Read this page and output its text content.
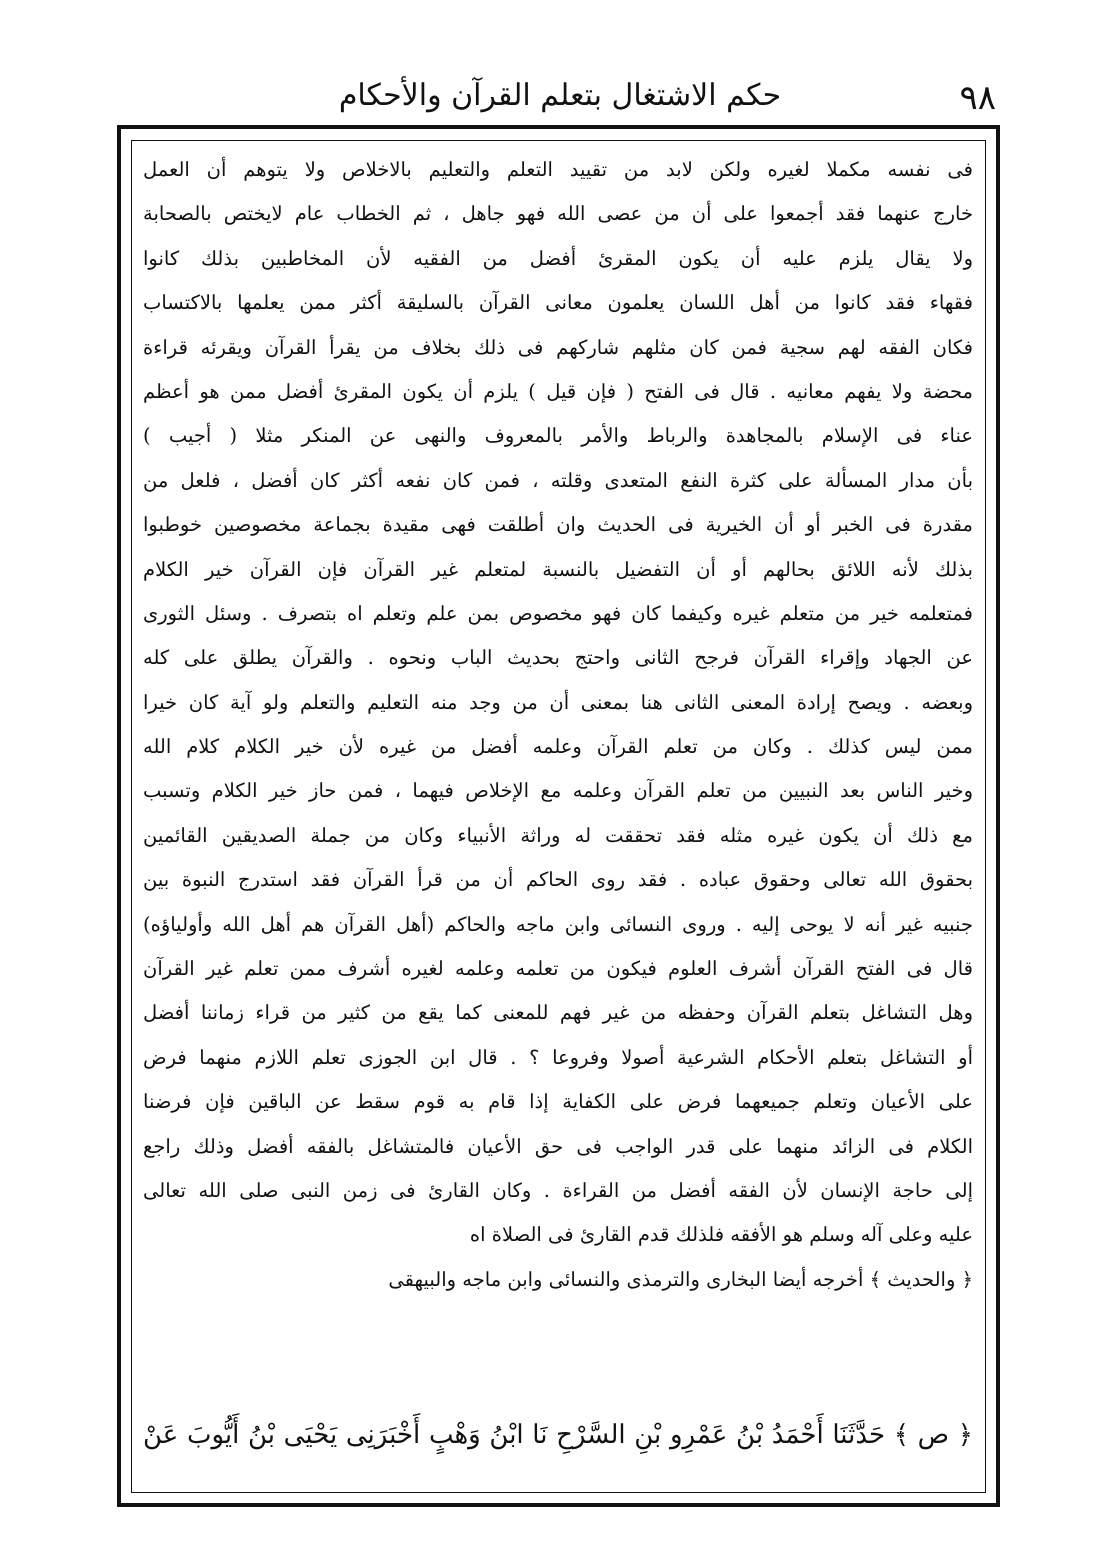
٩٨
حكم الاشتغال بتعلم القرآن والأحكام
فى نفسه مكملا لغيره ولكن لابد من تقييد التعلم والتعليم بالاخلاص ولا يتوهم أن العمل
خارج عنهما فقد أجمعوا على أن من عصى الله فهو جاهل ، ثم الخطاب عام لايختص بالصحابة
ولا يقال يلزم عليه أن يكون المقرئ أفضل من الفقيه لأن المخاطبين بذلك كانوا
فقهاء فقد كانوا من أهل اللسان يعلمون معانى القرآن بالسليقة أكثر ممن يعلمها بالاكتساب
فكان الفقه لهم سجية فمن كان مثلهم شاركهم فى ذلك بخلاف من يقرأ القرآن ويقرئه قراءة
محضة ولا يفهم معانيه . قال فى الفتح ( فإن قيل ) يلزم أن يكون المقرئ أفضل ممن هو أعظم
عناء فى الإسلام بالمجاهدة والرباط والأمر بالمعروف والنهى عن المنكر مثلا ( أجيب )
بأن مدار المسألة على كثرة النفع المتعدى وقلته ، فمن كان نفعه أكثر كان أفضل ، فلعل من
مقدرة فى الخبر أو أن الخيرية فى الحديث وان أطلقت فهى مقيدة بجماعة مخصوصين خوطبوا
بذلك لأنه اللائق بحالهم أو أن التفضيل بالنسبة لمتعلم غير القرآن فإن القرآن خير الكلام
فمتعلمه خير من متعلم غيره وكيفما كان فهو مخصوص بمن علم وتعلم اه بتصرف . وسئل الثورى
عن الجهاد وإقراء القرآن فرجح الثانى واحتج بحديث الباب ونحوه . والقرآن يطلق على كله
وبعضه . ويصح إرادة المعنى الثانى هنا بمعنى أن من وجد منه التعليم والتعلم ولو آية كان خيرا
ممن ليس كذلك . وكان من تعلم القرآن وعلمه أفضل من غيره لأن خير الكلام كلام الله
وخير الناس بعد النبيين من تعلم القرآن وعلمه مع الإخلاص فيهما ، فمن حاز خير الكلام وتسبب
مع ذلك أن يكون غيره مثله فقد تحققت له وراثة الأنبياء وكان من جملة الصديقين القائمين
بحقوق الله تعالى وحقوق عباده . فقد روى الحاكم أن من قرأ القرآن فقد استدرج النبوة بين
جنبيه غير أنه لا يوحى إليه . وروى النسائى وابن ماجه والحاكم (أهل القرآن هم أهل الله وأولياؤه)
قال فى الفتح القرآن أشرف العلوم فيكون من تعلمه وعلمه لغيره أشرف ممن تعلم غير القرآن
وهل التشاغل بتعلم القرآن وحفظه من غير فهم للمعنى كما يقع من كثير من قراء زماننا أفضل
أو التشاغل بتعلم الأحكام الشرعية أصولا وفروعا ؟ . قال ابن الجوزى تعلم اللازم منهما فرض
على الأعيان وتعلم جميعهما فرض على الكفاية إذا قام به قوم سقط عن الباقين فإن فرضنا
الكلام فى الزائد منهما على قدر الواجب فى حق الأعيان فالمتشاغل بالفقه أفضل وذلك راجع
إلى حاجة الإنسان لأن الفقه أفضل من القراءة . وكان القارئ فى زمن النبى صلى الله تعالى
عليه وعلى آله وسلم هو الأفقه فلذلك قدم القارئ فى الصلاة اه
﴿ والحديث ﴾ أخرجه أيضا البخارى والترمذى والنسائى وابن ماجه والبيهقى
﴿ ص ﴾ حَدَّثَنَا أَحْمَدُ بْنُ عَمْرِو بْنِ السَّرْحِ نَا ابْنُ وَهْبٍ أَخْبَرَنِى يَحْيَى بْنُ أَيُّوبَ عَنْ
